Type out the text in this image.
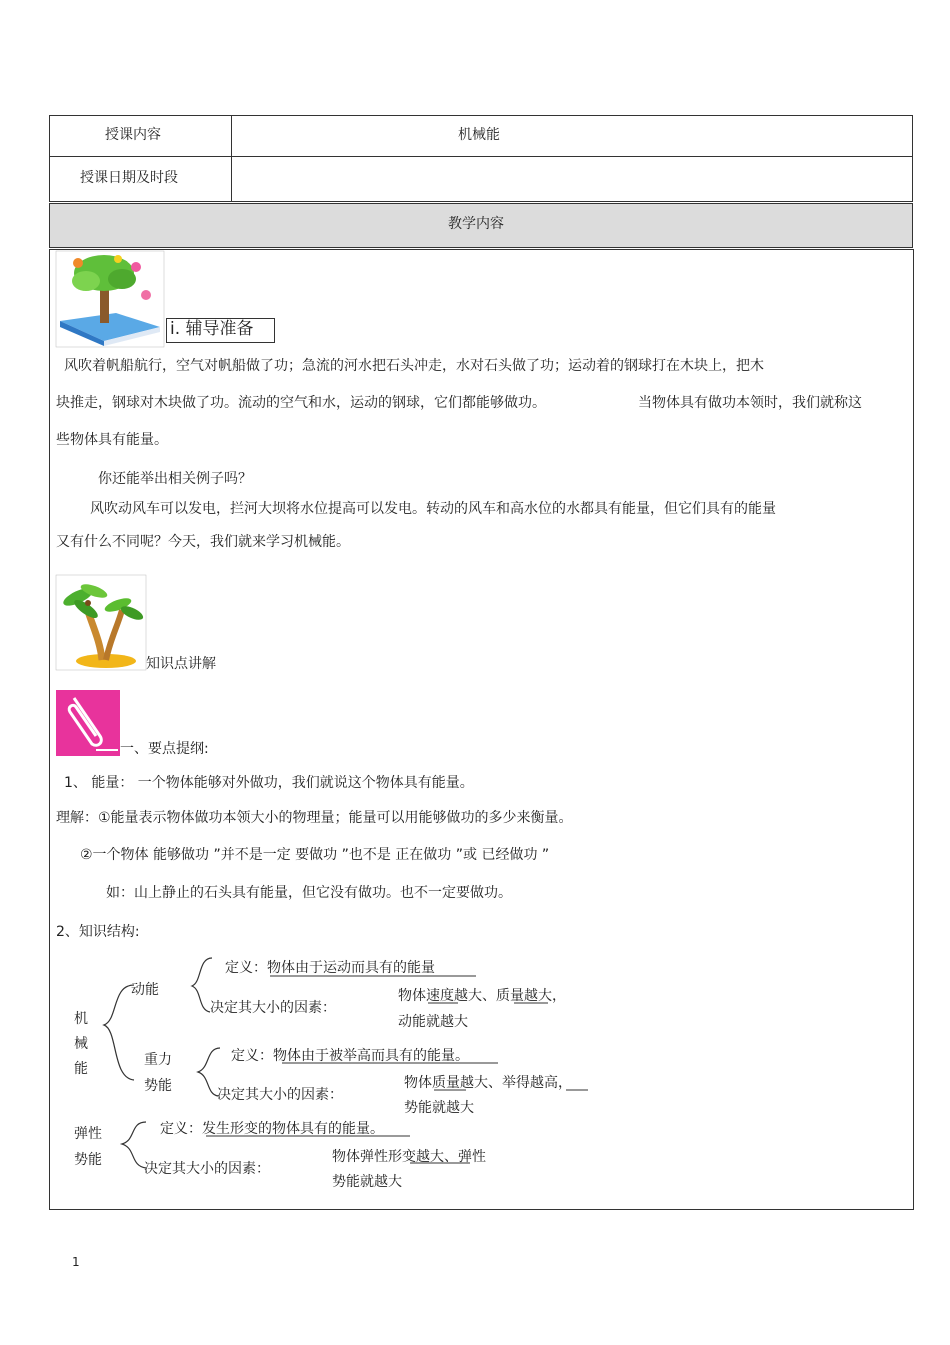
授课内容	机械能
授课日期及时段
教学内容
i. 辅导准备
风吹着帆船航行，空气对帆船做了功；急流的河水把石头冲走，水对石头做了功；运动着的钢球打在木块上，把木
块推走，钢球对木块做了功。流动的空气和水，运动的钢球，它们都能够做功。	当物体具有做功本领时，我们就称这
些物体具有能量。
你还能举出相关例子吗？
风吹动风车可以发电，拦河大坝将水位提高可以发电。转动的风车和高水位的水都具有能量，但它们具有的能量
又有什么不同呢？今天，我们就来学习机械能。
知识点讲解
一、要点提纲:
1、 能量： 一个物体能够对外做功，我们就说这个物体具有能量。
理解：①能量表示物体做功本领大小的物理量；能量可以用能够做功的多少来衡量。
②一个物体 能够做功 ”并不是一定 要做功 ”也不是 正在做功 ”或 已经做功 ”
如：山上静止的石头具有能量，但它没有做功。也不一定要做功。
2、知识结构:
机
械
能
动能
定义：物体由于运动而具有的能量
决定其大小的因素：
物体速度越大、质量越大，
动能就越大
重力
势能
定义：物体由于被举高而具有的能量。
决定其大小的因素：
物体质量越大、举得越高，
势能就越大
弹性
势能
定义：发生形变的物体具有的能量。
决定其大小的因素：
物体弹性形变越大、弹性
势能就越大
1
